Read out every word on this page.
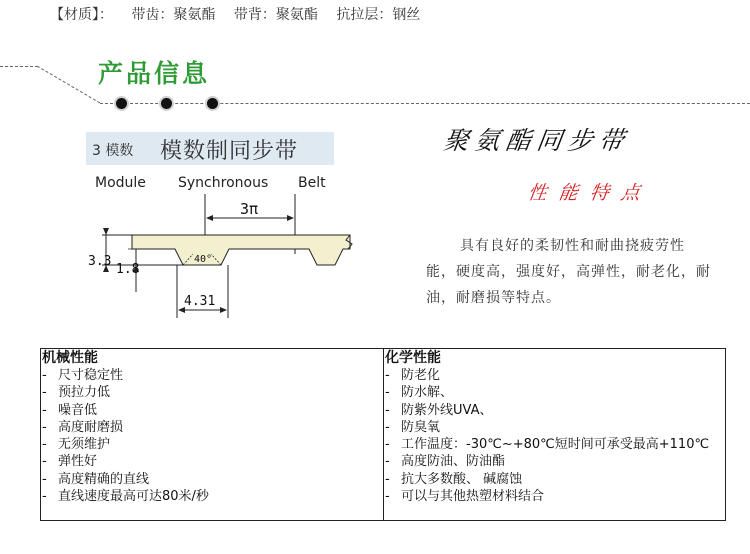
【材质】： 带齿：聚氨酯 带背：聚氨酯 抗拉层：钢丝
产品信息
3 模数 模数制同步带
Module Synchronous Belt
3π
3.3
1.8
40°
4.31
聚氨酯同步带
性能特点
具有良好的柔韧性和耐曲挠疲劳性能，硬度高，强度好，高弹性，耐老化，耐油，耐磨损等特点。
机械性能
- 尺寸稳定性
- 预拉力低
- 噪音低
- 高度耐磨损
- 无须维护
- 弹性好
- 高度精确的直线
- 直线速度最高可达80米/秒
化学性能
- 防老化
- 防水解、
- 防紫外线UVA、
- 防臭氧
- 工作温度：-30℃~+80℃短时间可承受最高+110℃
- 高度防油、防油酯
- 抗大多数酸、 碱腐蚀
- 可以与其他热塑材料结合
